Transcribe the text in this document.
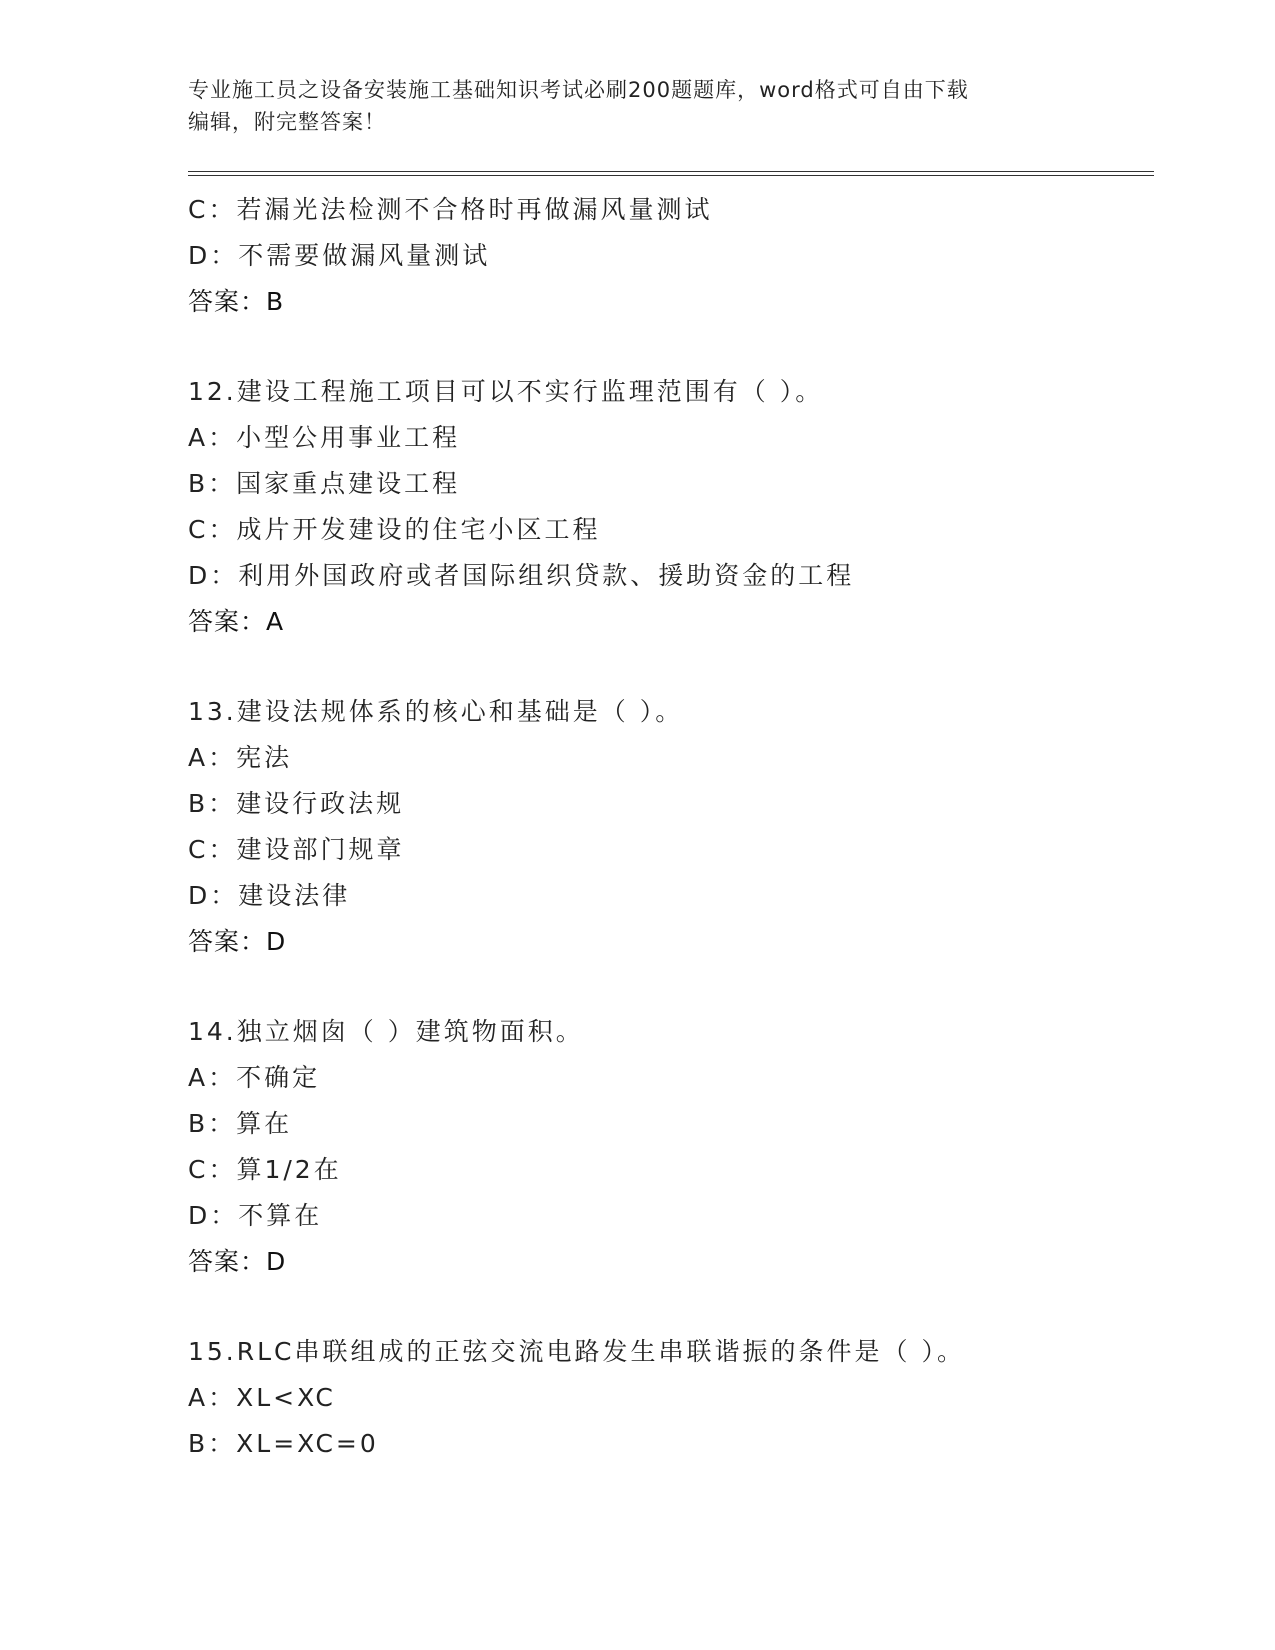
专业施工员之设备安装施工基础知识考试必刷200题题库，word格式可自由下载
编辑，附完整答案！
C：若漏光法检测不合格时再做漏风量测试
D：不需要做漏风量测试
答案：B
12.建设工程施工项目可以不实行监理范围有（ ）。
A：小型公用事业工程
B：国家重点建设工程
C：成片开发建设的住宅小区工程
D：利用外国政府或者国际组织贷款、援助资金的工程
答案：A
13.建设法规体系的核心和基础是（ ）。
A：宪法
B：建设行政法规
C：建设部门规章
D：建设法律
答案：D
14.独立烟囱（ ）建筑物面积。
A：不确定
B：算在
C：算1/2在
D：不算在
答案：D
15.RLC串联组成的正弦交流电路发生串联谐振的条件是（ ）。
A：XL<XC
B：XL=XC=0
